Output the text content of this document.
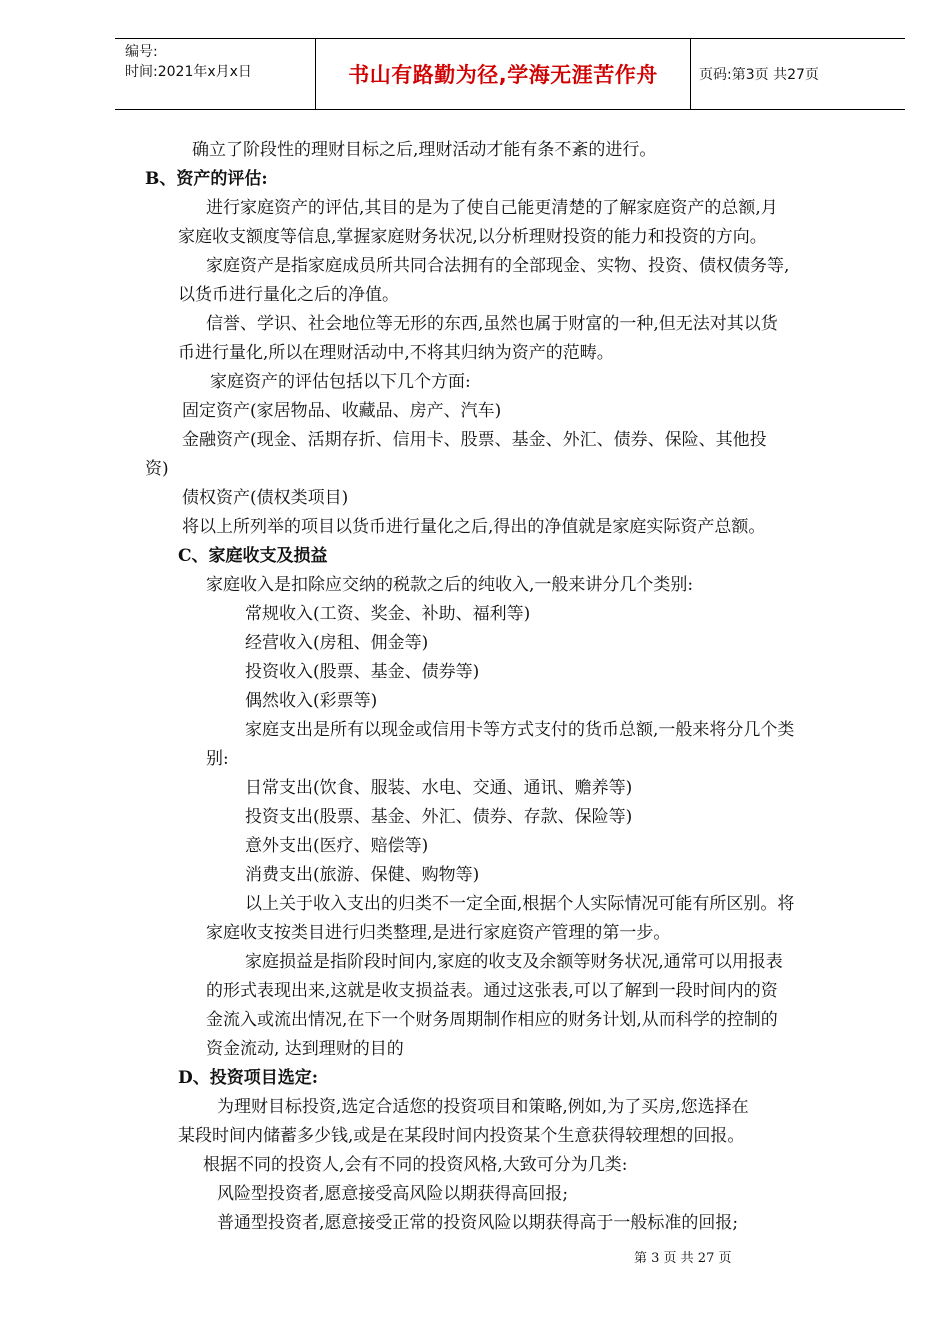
编号:
时间:2021年x月x日	书山有路勤为径,学海无涯苦作舟	页码:第3页 共27页
确立了阶段性的理财目标之后,理财活动才能有条不紊的进行。
B、资产的评估:
进行家庭资产的评估,其目的是为了使自己能更清楚的了解家庭资产的总额,月
家庭收支额度等信息,掌握家庭财务状况,以分析理财投资的能力和投资的方向。
家庭资产是指家庭成员所共同合法拥有的全部现金、实物、投资、债权债务等,
以货币进行量化之后的净值。
信誉、学识、社会地位等无形的东西,虽然也属于财富的一种,但无法对其以货
币进行量化,所以在理财活动中,不将其归纳为资产的范畴。
家庭资产的评估包括以下几个方面:
固定资产(家居物品、收藏品、房产、汽车)
金融资产(现金、活期存折、信用卡、股票、基金、外汇、债券、保险、其他投
资)
债权资产(债权类项目)
将以上所列举的项目以货币进行量化之后,得出的净值就是家庭实际资产总额。
C、家庭收支及损益
家庭收入是扣除应交纳的税款之后的纯收入,一般来讲分几个类别:
常规收入(工资、奖金、补助、福利等)
经营收入(房租、佣金等)
投资收入(股票、基金、债券等)
偶然收入(彩票等)
家庭支出是所有以现金或信用卡等方式支付的货币总额,一般来将分几个类
别:
日常支出(饮食、服装、水电、交通、通讯、赡养等)
投资支出(股票、基金、外汇、债券、存款、保险等)
意外支出(医疗、赔偿等)
消费支出(旅游、保健、购物等)
以上关于收入支出的归类不一定全面,根据个人实际情况可能有所区别。将
家庭收支按类目进行归类整理,是进行家庭资产管理的第一步。
家庭损益是指阶段时间内,家庭的收支及余额等财务状况,通常可以用报表
的形式表现出来,这就是收支损益表。通过这张表,可以了解到一段时间内的资
金流入或流出情况,在下一个财务周期制作相应的财务计划,从而科学的控制的
资金流动, 达到理财的目的
D、投资项目选定:
为理财目标投资,选定合适您的投资项目和策略,例如,为了买房,您选择在
某段时间内储蓄多少钱,或是在某段时间内投资某个生意获得较理想的回报。
根据不同的投资人,会有不同的投资风格,大致可分为几类:
风险型投资者,愿意接受高风险以期获得高回报;
普通型投资者,愿意接受正常的投资风险以期获得高于一般标准的回报;
第 3 页 共 27 页
